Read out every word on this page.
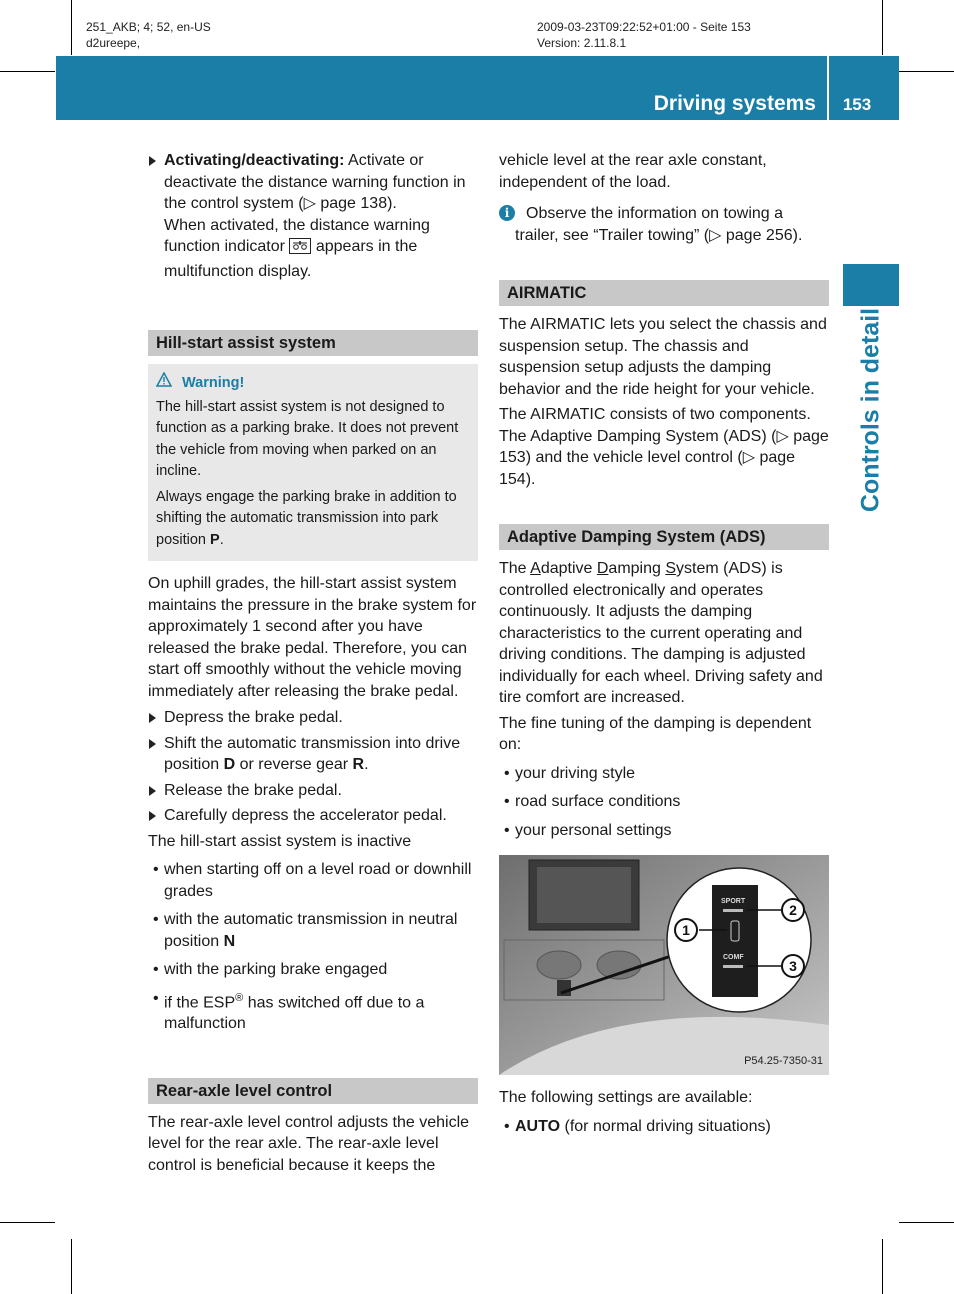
251_AKB; 4; 52, en-US
d2ureepe,
2009-03-23T09:22:52+01:00 - Seite 153
Version: 2.11.8.1
Driving systems	153
Controls in detail
Activating/deactivating: Activate or deactivate the distance warning function in the control system (▷ page 138).
When activated, the distance warning function indicator  appears in the multifunction display.
Hill-start assist system
Warning!

The hill-start assist system is not designed to function as a parking brake. It does not prevent the vehicle from moving when parked on an incline.

Always engage the parking brake in addition to shifting the automatic transmission into park position P.

On uphill grades, the hill-start assist system maintains the pressure in the brake system for approximately 1 second after you have released the brake pedal. Therefore, you can start off smoothly without the vehicle moving immediately after releasing the brake pedal.

Depress the brake pedal.
Shift the automatic transmission into drive position D or reverse gear R.
Release the brake pedal.
Carefully depress the accelerator pedal.

The hill-start assist system is inactive

• when starting off on a level road or downhill grades
• with the automatic transmission in neutral position N
• with the parking brake engaged
• if the ESP® has switched off due to a malfunction
Rear-axle level control

The rear-axle level control adjusts the vehicle level for the rear axle. The rear-axle level control is beneficial because it keeps the

vehicle level at the rear axle constant, independent of the load.

i	Observe the information on towing a trailer, see “Trailer towing” (▷ page 256).
AIRMATIC

The AIRMATIC lets you select the chassis and suspension setup. The chassis and suspension setup adjusts the damping behavior and the ride height for your vehicle.

The AIRMATIC consists of two components. The Adaptive Damping System (ADS) (▷ page 153) and the vehicle level control (▷ page 154).

Adaptive Damping System (ADS)

The Adaptive Damping System (ADS) is controlled electronically and operates continuously. It adjusts the damping characteristics to the current operating and driving conditions. The damping is adjusted individually for each wheel. Driving safety and tire comfort are increased.

The fine tuning of the damping is dependent on:

• your driving style
• road surface conditions
• your personal settings
SPORT
COMF
1
2
3
P54.25-7350-31

The following settings are available:

• AUTO (for normal driving situations)
